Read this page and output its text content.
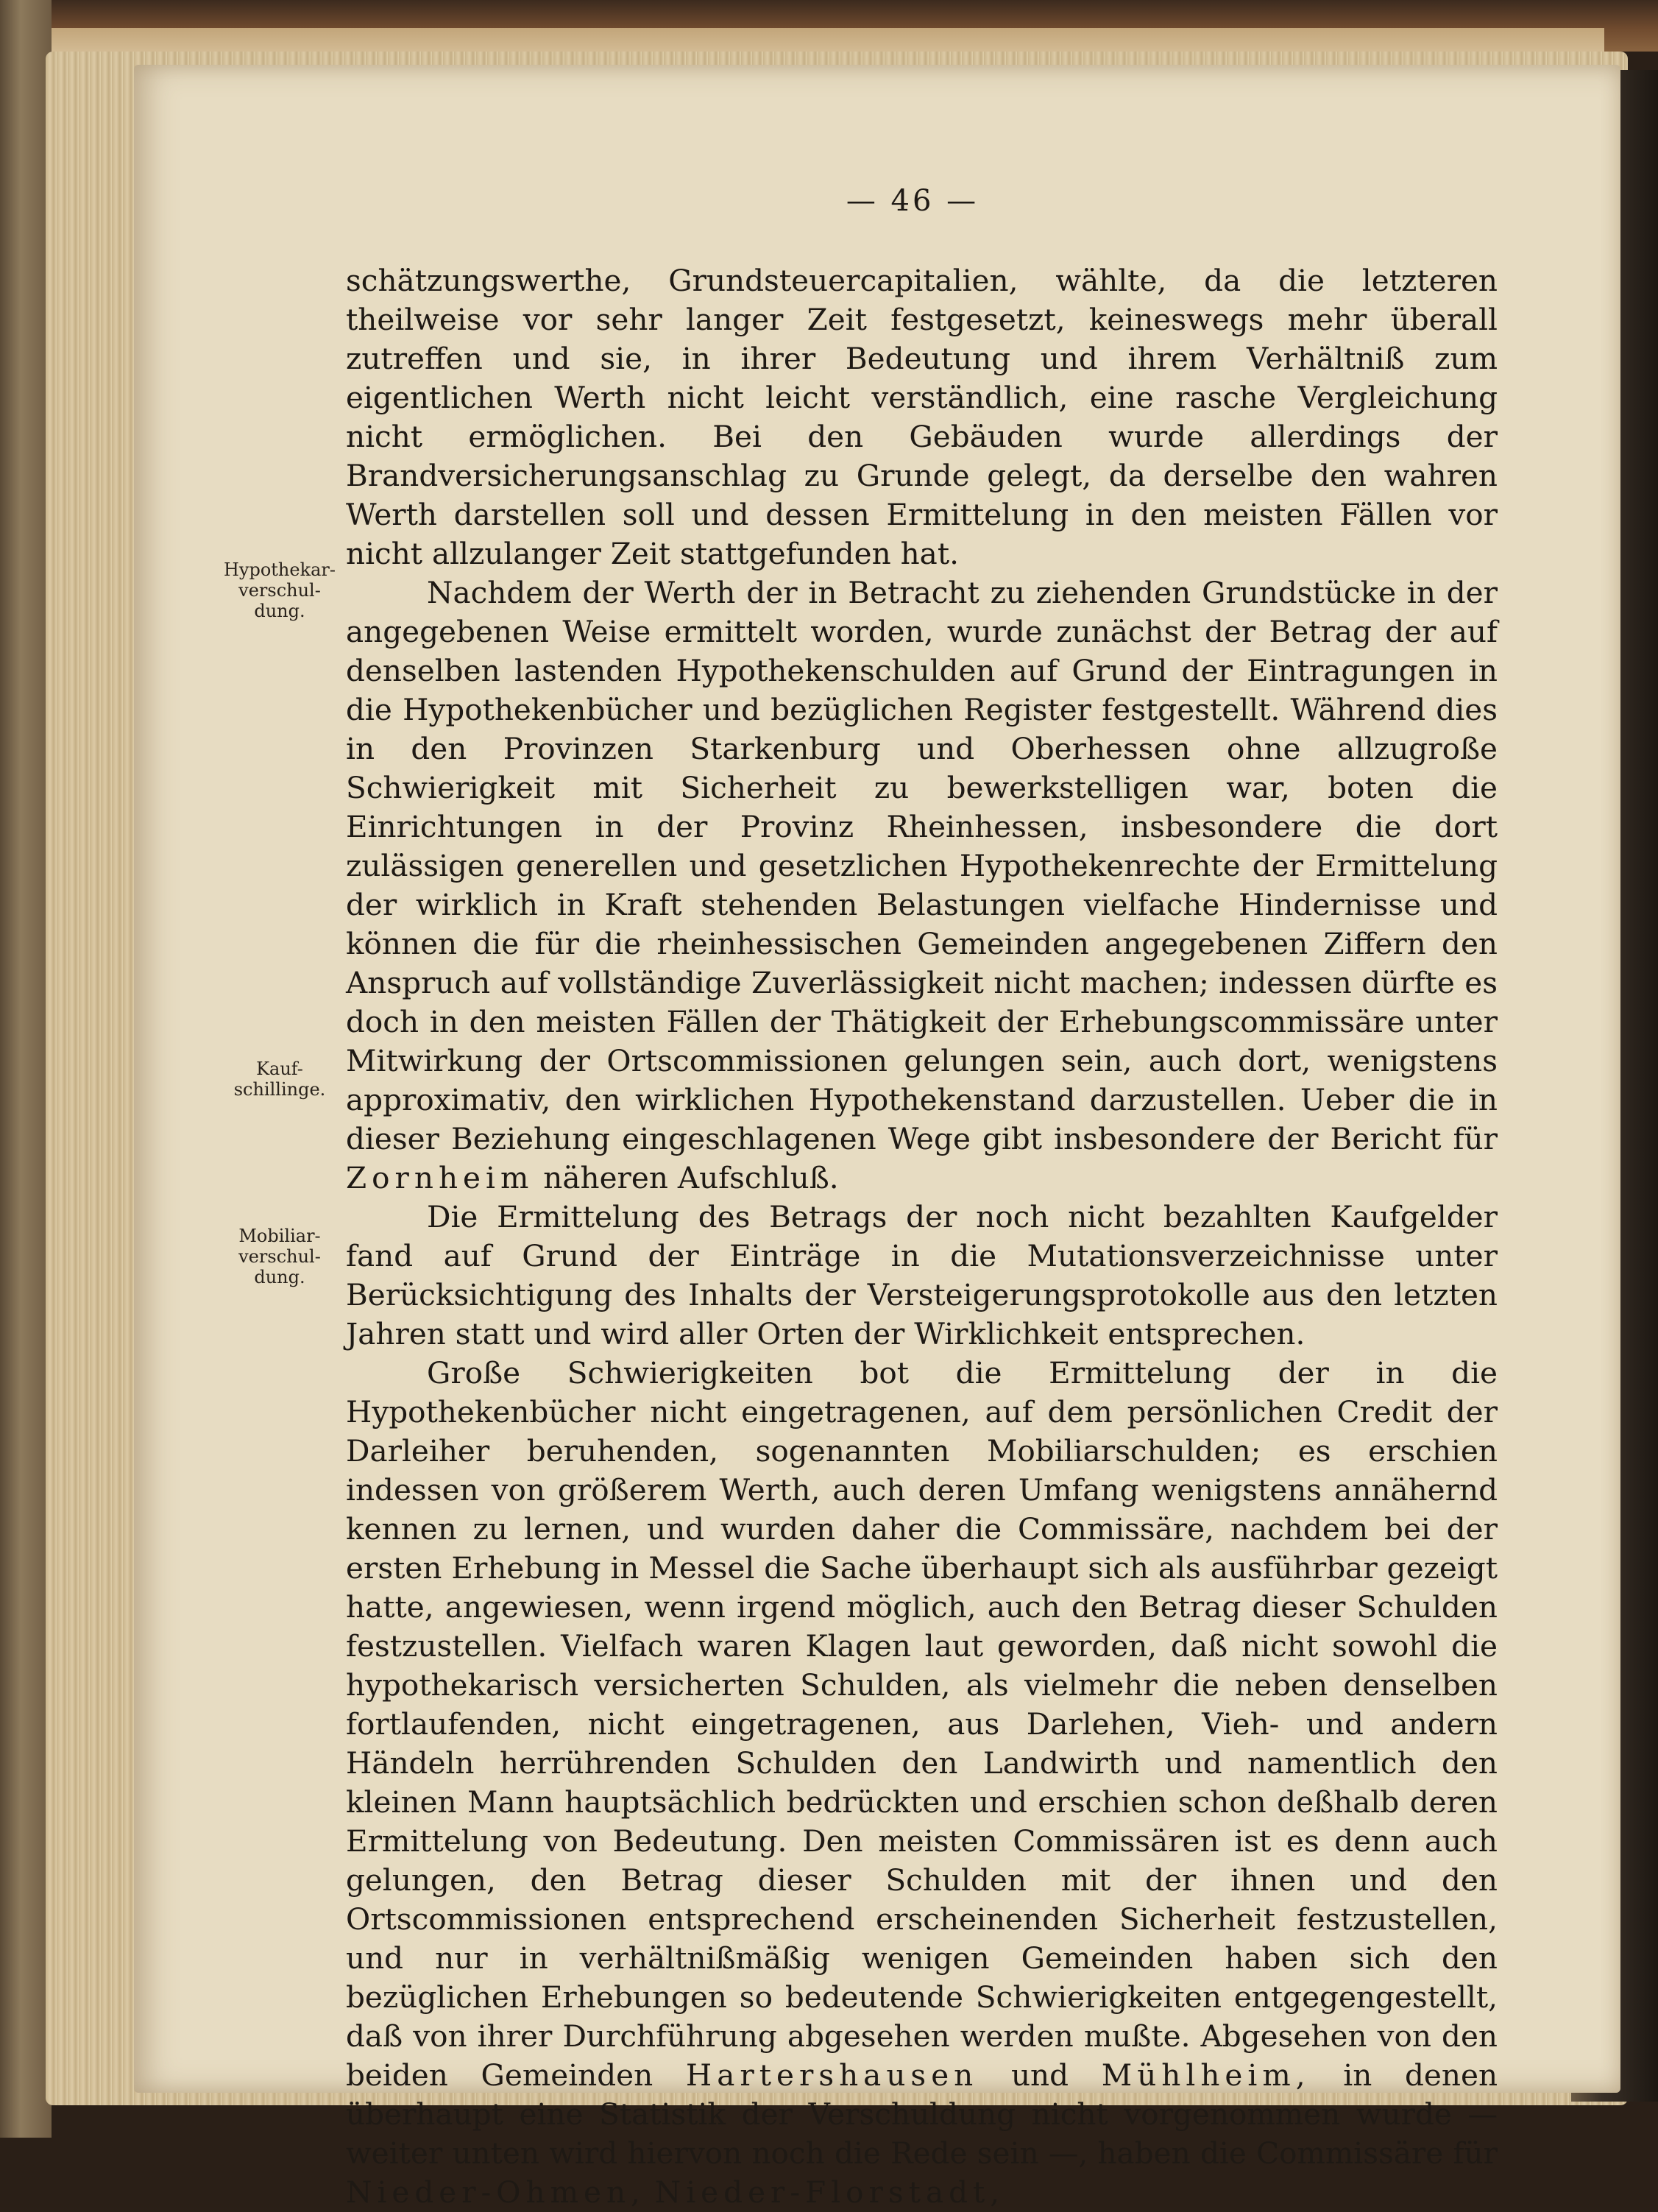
— 46 —
Hypothekar-
verschul-
dung.
Kauf-
schillinge.
Mobiliar-
verschul-
dung.

schätzungswerthe, Grundsteuercapitalien, wählte, da die letzteren theilweise vor sehr langer Zeit festgesetzt, keineswegs mehr überall zutreffen und sie, in ihrer Bedeutung und ihrem Verhältniß zum eigentlichen Werth nicht leicht verständlich, eine rasche Vergleichung nicht ermöglichen. Bei den Gebäuden wurde allerdings der Brandversicherungsanschlag zu Grunde gelegt, da derselbe den wahren Werth darstellen soll und dessen Ermittelung in den meisten Fällen vor nicht allzulanger Zeit stattgefunden hat.

Nachdem der Werth der in Betracht zu ziehenden Grundstücke in der angegebenen Weise ermittelt worden, wurde zunächst der Betrag der auf denselben lastenden Hypothekenschulden auf Grund der Eintragungen in die Hypothekenbücher und bezüglichen Register festgestellt. Während dies in den Provinzen Starkenburg und Oberhessen ohne allzugroße Schwierigkeit mit Sicherheit zu bewerkstelligen war, boten die Einrichtungen in der Provinz Rheinhessen, insbesondere die dort zulässigen generellen und gesetzlichen Hypothekenrechte der Ermittelung der wirklich in Kraft stehenden Belastungen vielfache Hindernisse und können die für die rheinhessischen Gemeinden angegebenen Ziffern den Anspruch auf vollständige Zuverlässigkeit nicht machen; indessen dürfte es doch in den meisten Fällen der Thätigkeit der Erhebungscommissäre unter Mitwirkung der Ortscommissionen gelungen sein, auch dort, wenigstens approximativ, den wirklichen Hypothekenstand darzustellen. Ueber die in dieser Beziehung eingeschlagenen Wege gibt insbesondere der Bericht für Zornheim näheren Aufschluß.

Die Ermittelung des Betrags der noch nicht bezahlten Kaufgelder fand auf Grund der Einträge in die Mutationsverzeichnisse unter Berücksichtigung des Inhalts der Versteigerungsprotokolle aus den letzten Jahren statt und wird aller Orten der Wirklichkeit entsprechen.

Große Schwierigkeiten bot die Ermittelung der in die Hypothekenbücher nicht eingetragenen, auf dem persönlichen Credit der Darleiher beruhenden, sogenannten Mobiliarschulden; es erschien indessen von größerem Werth, auch deren Umfang wenigstens annähernd kennen zu lernen, und wurden daher die Commissäre, nachdem bei der ersten Erhebung in Messel die Sache überhaupt sich als ausführbar gezeigt hatte, angewiesen, wenn irgend möglich, auch den Betrag dieser Schulden festzustellen. Vielfach waren Klagen laut geworden, daß nicht sowohl die hypothekarisch versicherten Schulden, als vielmehr die neben denselben fortlaufenden, nicht eingetragenen, aus Darlehen, Vieh- und andern Händeln herrührenden Schulden den Landwirth und namentlich den kleinen Mann hauptsächlich bedrückten und erschien schon deßhalb deren Ermittelung von Bedeutung. Den meisten Commissären ist es denn auch gelungen, den Betrag dieser Schulden mit der ihnen und den Ortscommissionen entsprechend erscheinenden Sicherheit festzustellen, und nur in verhältnißmäßig wenigen Gemeinden haben sich den bezüglichen Erhebungen so bedeutende Schwierigkeiten entgegengestellt, daß von ihrer Durchführung abgesehen werden mußte. Abgesehen von den beiden Gemeinden Hartershausen und Mühlheim, in denen überhaupt eine Statistik der Verschuldung nicht vorgenommen wurde — weiter unten wird hiervon noch die Rede sein —, haben die Commissäre für Nieder-Ohmen, Nieder-Florstadt,
